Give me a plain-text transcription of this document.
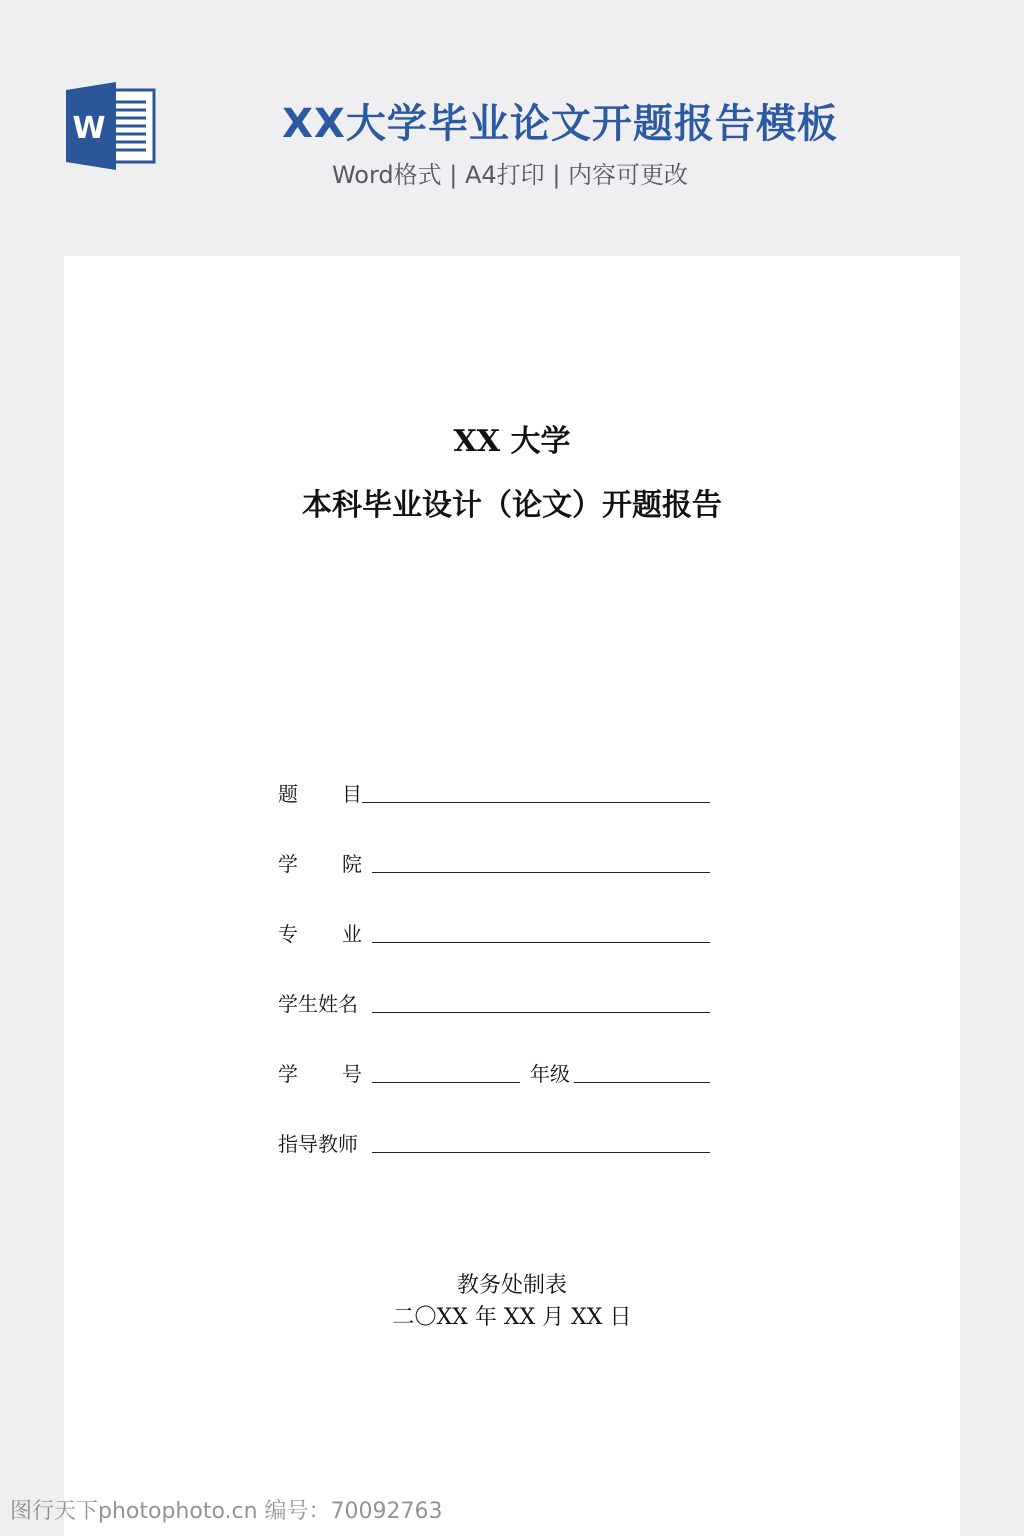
W	XX大学毕业论文开题报告模板
Word格式 | A4打印 | 内容可更改
XX 大学
本科毕业设计（论文）开题报告
题 目
学 院
专 业
学生姓名
学 号	年级
指导教师
教务处制表
二〇XX 年 XX 月 XX 日
图行天下photophoto.cn 编号：70092763
